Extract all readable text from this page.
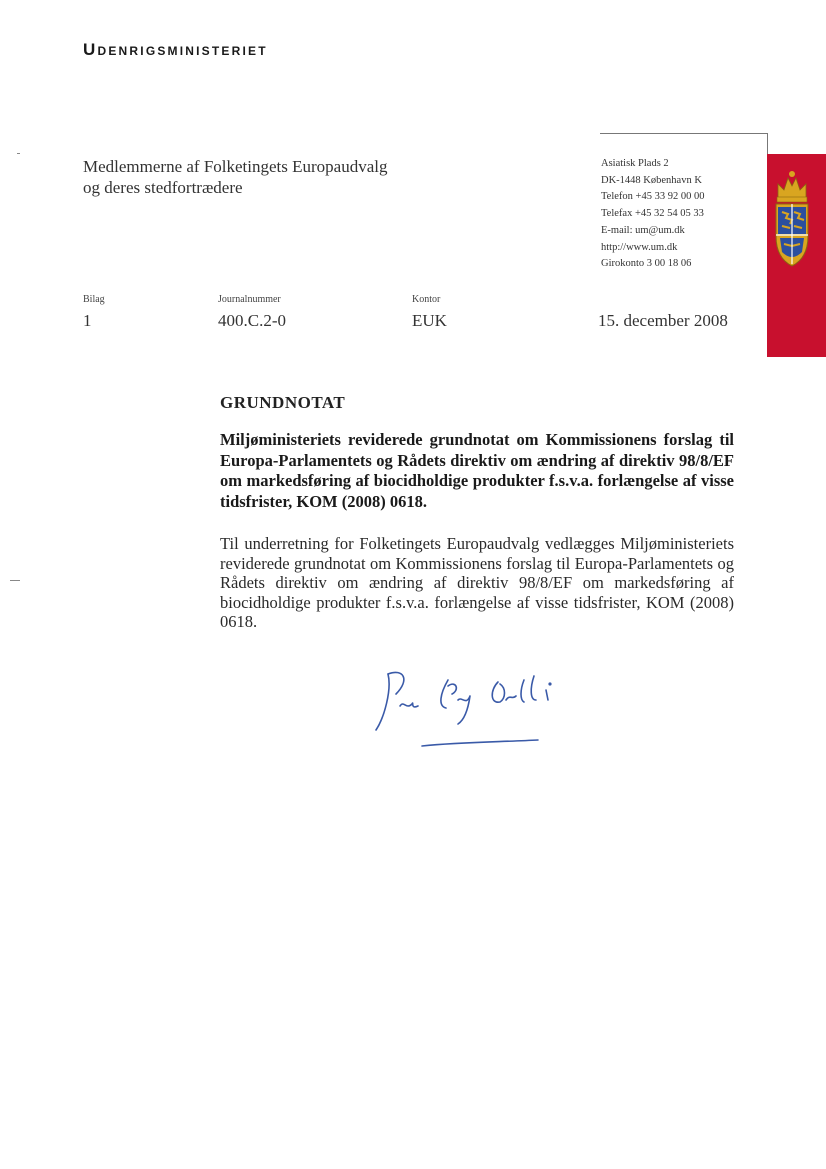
Udenrigsministeriet
Medlemmerne af Folketingets Europaudvalg
og deres stedfortrædere
Asiatisk Plads 2
DK-1448 København K
Telefon +45 33 92 00 00
Telefax +45 32 54 05 33
E-mail: um@um.dk
http://www.um.dk
Girokonto 3 00 18 06
Bilag
1
Journalnummer
400.C.2-0
Kontor
EUK	15. december 2008
GRUNDNOTAT
Miljøministeriets reviderede grundnotat om Kommissionens forslag til Europa-Parlamentets og Rådets direktiv om ændring af direktiv 98/8/EF om markedsføring af biocidholdige produkter f.s.v.a. forlængelse af visse tidsfrister, KOM (2008) 0618.
Til underretning for Folketingets Europaudvalg vedlægges Miljøministeriets reviderede grundnotat om Kommissionens forslag til Europa-Parlamentets og Rådets direktiv om ændring af direktiv 98/8/EF om markedsføring af biocidholdige produkter f.s.v.a. forlængelse af visse tidsfrister, KOM (2008) 0618.
